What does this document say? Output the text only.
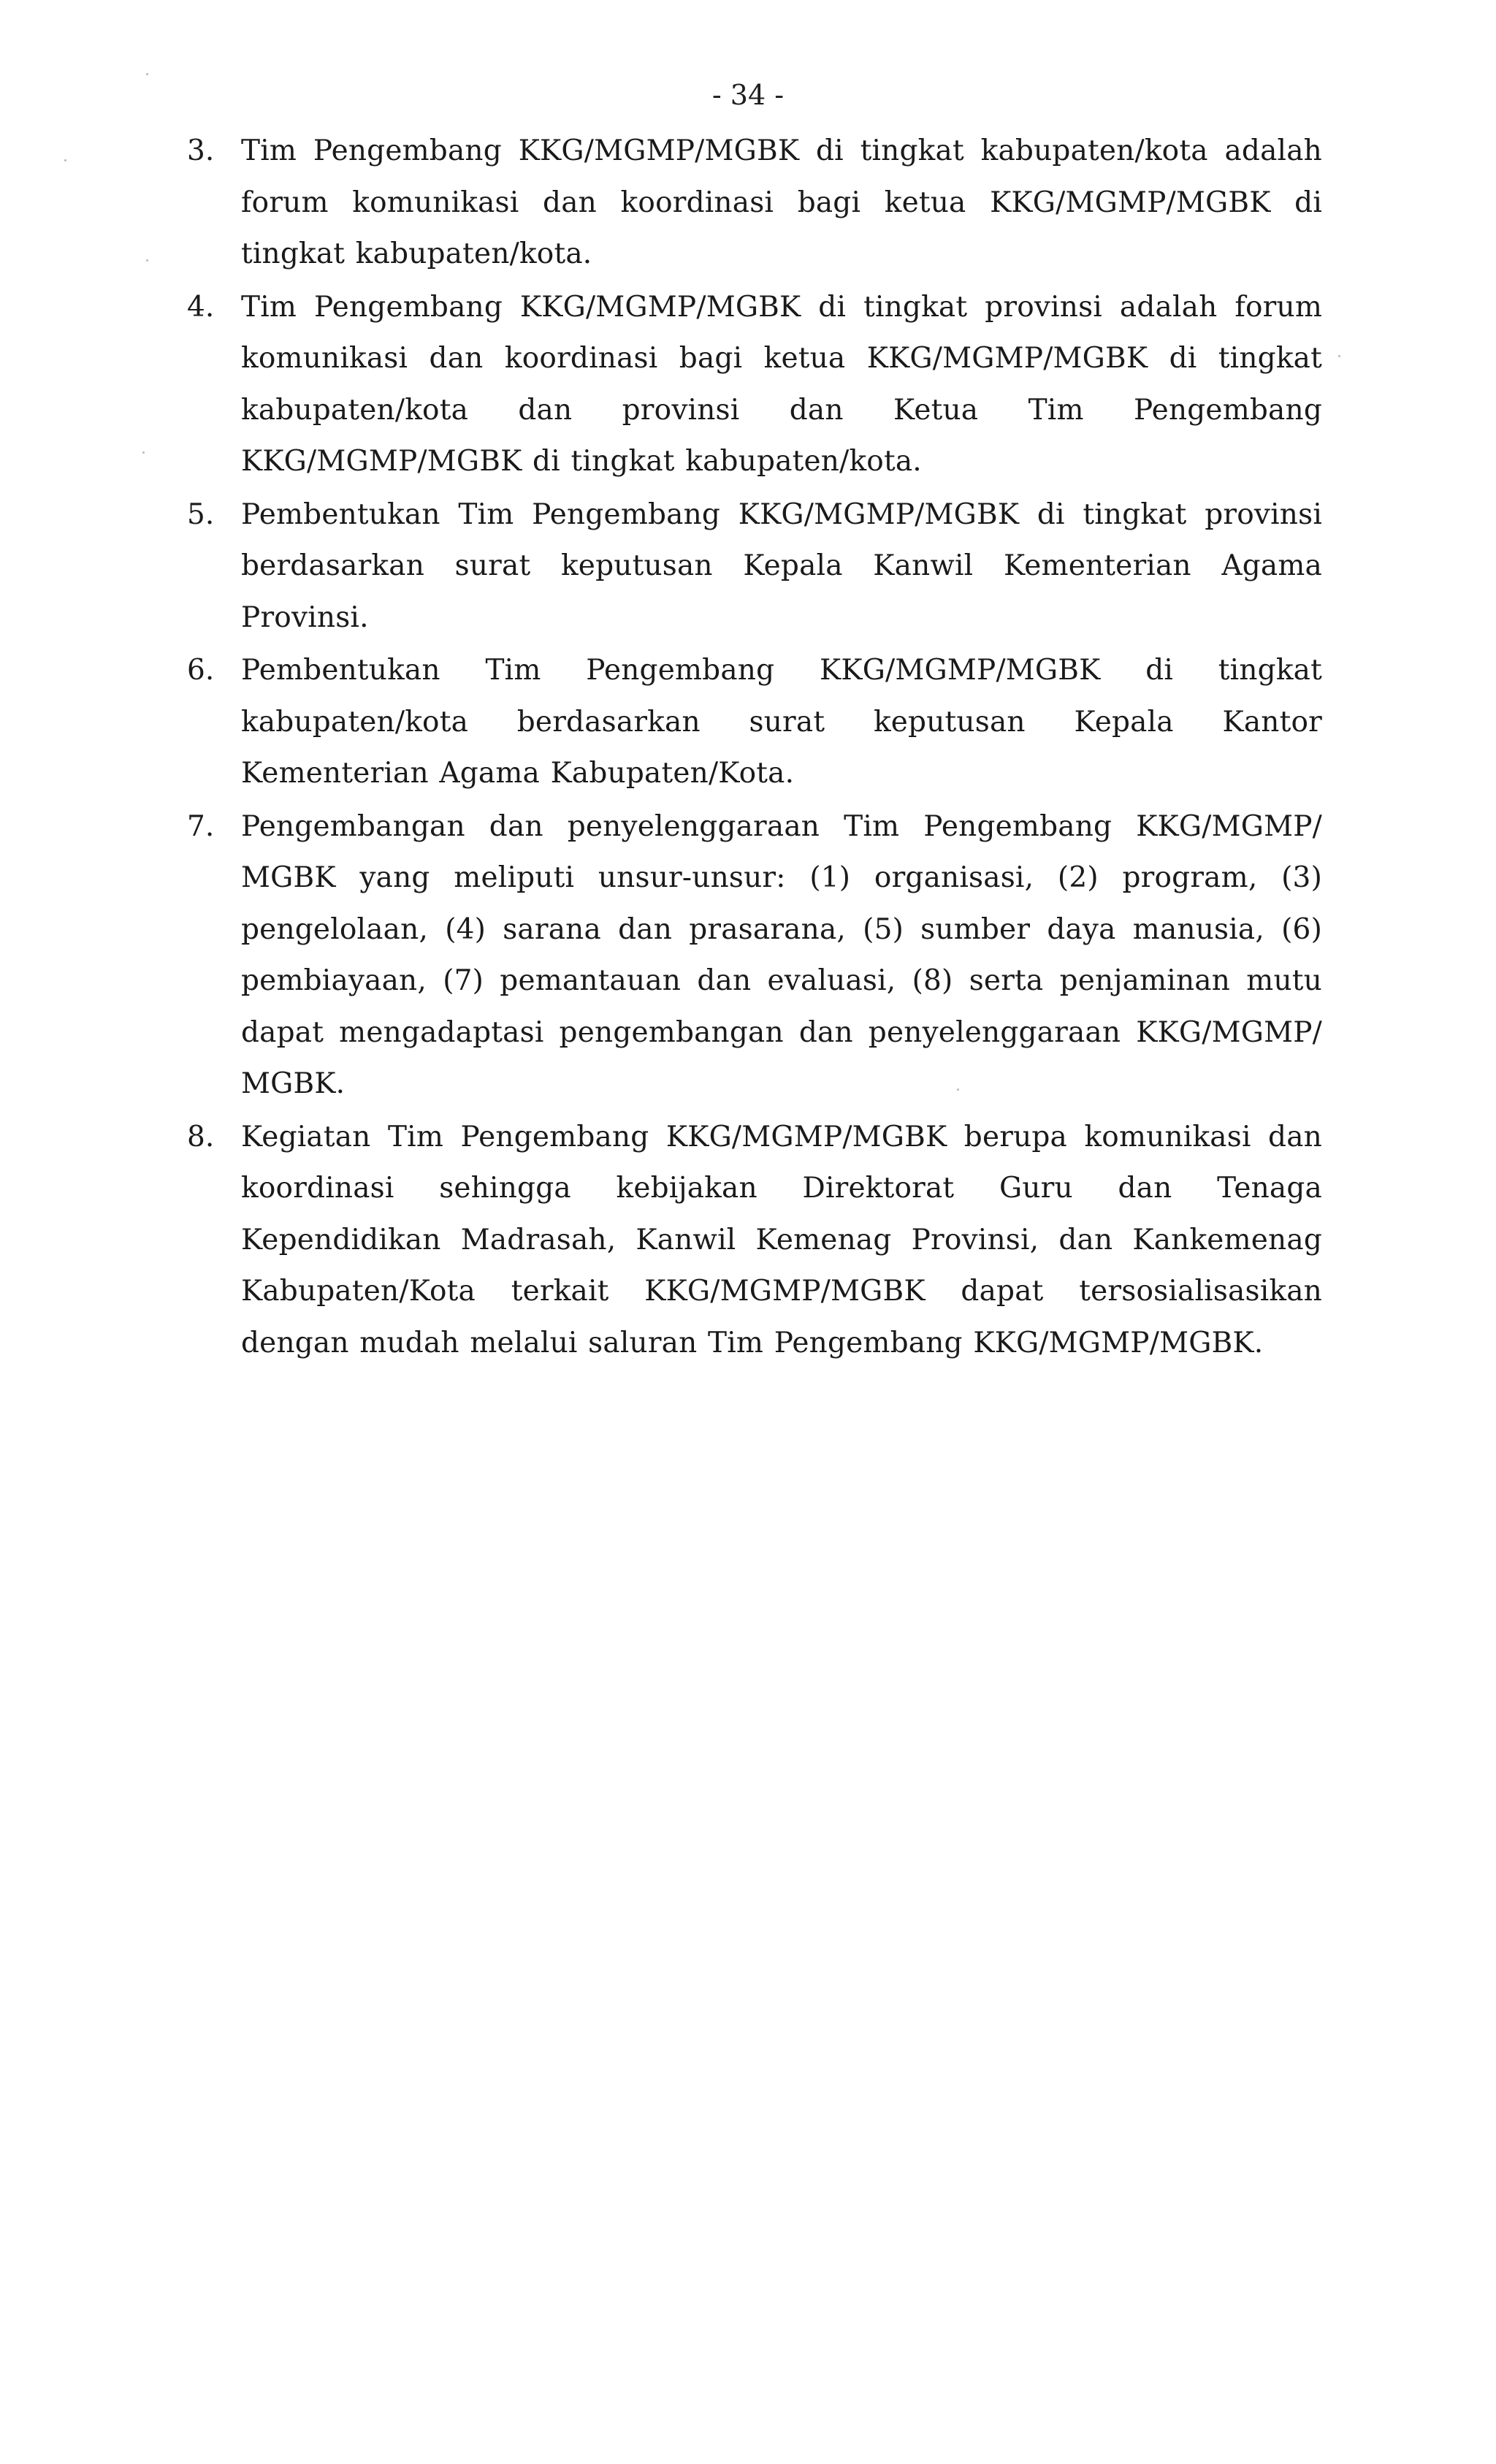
- 34 -
3. Tim Pengembang KKG/MGMP/MGBK di tingkat kabupaten/kota adalah forum komunikasi dan koordinasi bagi ketua KKG/MGMP/MGBK di tingkat kabupaten/kota.
4. Tim Pengembang KKG/MGMP/MGBK di tingkat provinsi adalah forum komunikasi dan koordinasi bagi ketua KKG/MGMP/MGBK di tingkat kabupaten/kota dan provinsi dan Ketua Tim Pengembang KKG/MGMP/MGBK di tingkat kabupaten/kota.
5. Pembentukan Tim Pengembang KKG/MGMP/MGBK di tingkat provinsi berdasarkan surat keputusan Kepala Kanwil Kementerian Agama Provinsi.
6. Pembentukan Tim Pengembang KKG/MGMP/MGBK di tingkat kabupaten/kota berdasarkan surat keputusan Kepala Kantor Kementerian Agama Kabupaten/Kota.
7. Pengembangan dan penyelenggaraan Tim Pengembang KKG/MGMP/ MGBK yang meliputi unsur-unsur: (1) organisasi, (2) program, (3) pengelolaan, (4) sarana dan prasarana, (5) sumber daya manusia, (6) pembiayaan, (7) pemantauan dan evaluasi, (8) serta penjaminan mutu dapat mengadaptasi pengembangan dan penyelenggaraan KKG/MGMP/ MGBK.
8. Kegiatan Tim Pengembang KKG/MGMP/MGBK berupa komunikasi dan koordinasi sehingga kebijakan Direktorat Guru dan Tenaga Kependidikan Madrasah, Kanwil Kemenag Provinsi, dan Kankemenag Kabupaten/Kota terkait KKG/MGMP/MGBK dapat tersosialisasikan dengan mudah melalui saluran Tim Pengembang KKG/MGMP/MGBK.
